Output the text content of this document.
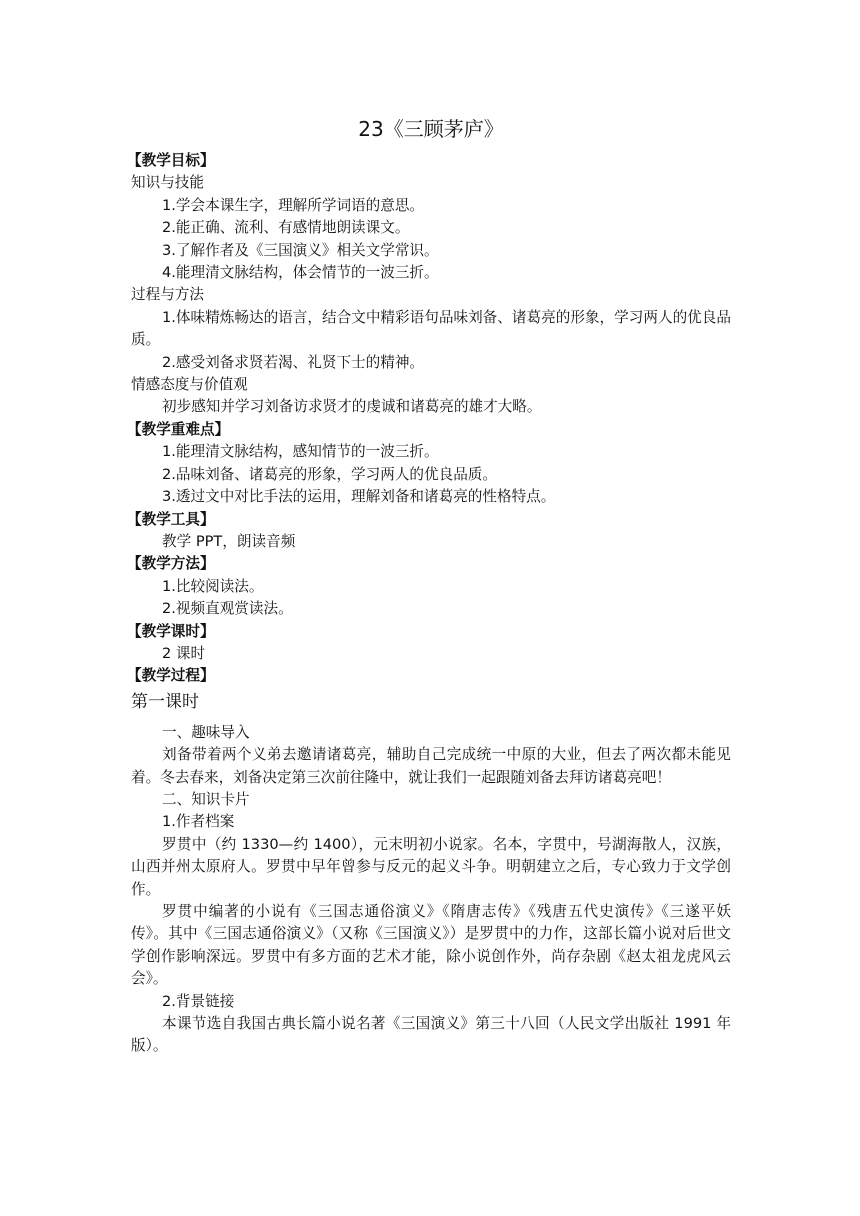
23《三顾茅庐》

【教学目标】

知识与技能

1.学会本课生字，理解所学词语的意思。

2.能正确、流利、有感情地朗读课文。

3.了解作者及《三国演义》相关文学常识。

4.能理清文脉结构，体会情节的一波三折。

过程与方法

1.体味精炼畅达的语言，结合文中精彩语句品味刘备、诸葛亮的形象，学习两人的优良品质。

2.感受刘备求贤若渴、礼贤下士的精神。

情感态度与价值观

初步感知并学习刘备访求贤才的虔诚和诸葛亮的雄才大略。

【教学重难点】

1.能理清文脉结构，感知情节的一波三折。

2.品味刘备、诸葛亮的形象，学习两人的优良品质。

3.透过文中对比手法的运用，理解刘备和诸葛亮的性格特点。

【教学工具】

教学 PPT，朗读音频

【教学方法】

1.比较阅读法。

2.视频直观赏读法。

【教学课时】

2 课时

【教学过程】

第一课时

一、趣味导入

刘备带着两个义弟去邀请诸葛亮，辅助自己完成统一中原的大业，但去了两次都未能见着。冬去春来，刘备决定第三次前往隆中，就让我们一起跟随刘备去拜访诸葛亮吧！

二、知识卡片

1.作者档案

罗贯中（约 1330—约 1400），元末明初小说家。名本，字贯中，号湖海散人，汉族，山西并州太原府人。罗贯中早年曾参与反元的起义斗争。明朝建立之后，专心致力于文学创作。

罗贯中编著的小说有《三国志通俗演义》《隋唐志传》《残唐五代史演传》《三遂平妖传》。其中《三国志通俗演义》（又称《三国演义》）是罗贯中的力作，这部长篇小说对后世文学创作影响深远。罗贯中有多方面的艺术才能，除小说创作外，尚存杂剧《赵太祖龙虎风云会》。

2.背景链接

本课节选自我国古典长篇小说名著《三国演义》第三十八回（人民文学出版社 1991 年版）。
